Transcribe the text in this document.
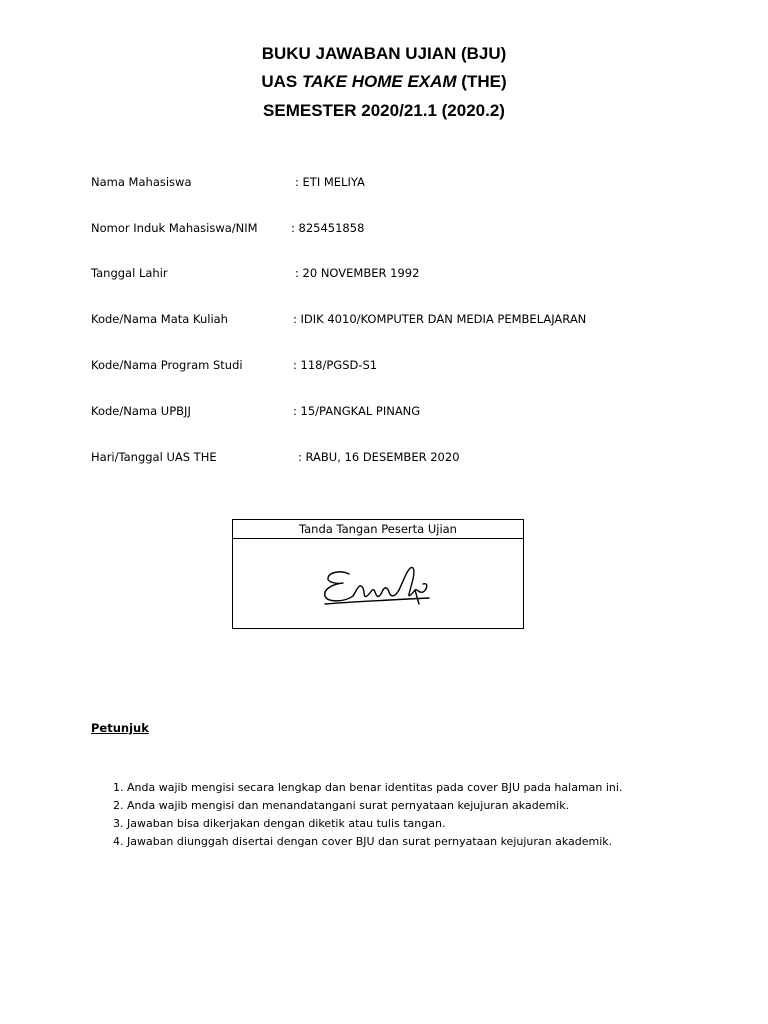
BUKU JAWABAN UJIAN (BJU)
UAS TAKE HOME EXAM (THE)
SEMESTER 2020/21.1 (2020.2)
Nama Mahasiswa	: ETI MELIYA
Nomor Induk Mahasiswa/NIM	: 825451858
Tanggal Lahir	: 20 NOVEMBER 1992
Kode/Nama Mata Kuliah	: IDIK 4010/KOMPUTER DAN MEDIA PEMBELAJARAN
Kode/Nama Program Studi	: 118/PGSD-S1
Kode/Nama UPBJJ	: 15/PANGKAL PINANG
Hari/Tanggal UAS THE	: RABU, 16 DESEMBER 2020
Tanda Tangan Peserta Ujian
Petunjuk
1. Anda wajib mengisi secara lengkap dan benar identitas pada cover BJU pada halaman ini.
2. Anda wajib mengisi dan menandatangani surat pernyataan kejujuran akademik.
3. Jawaban bisa dikerjakan dengan diketik atau tulis tangan.
4. Jawaban diunggah disertai dengan cover BJU dan surat pernyataan kejujuran akademik.
